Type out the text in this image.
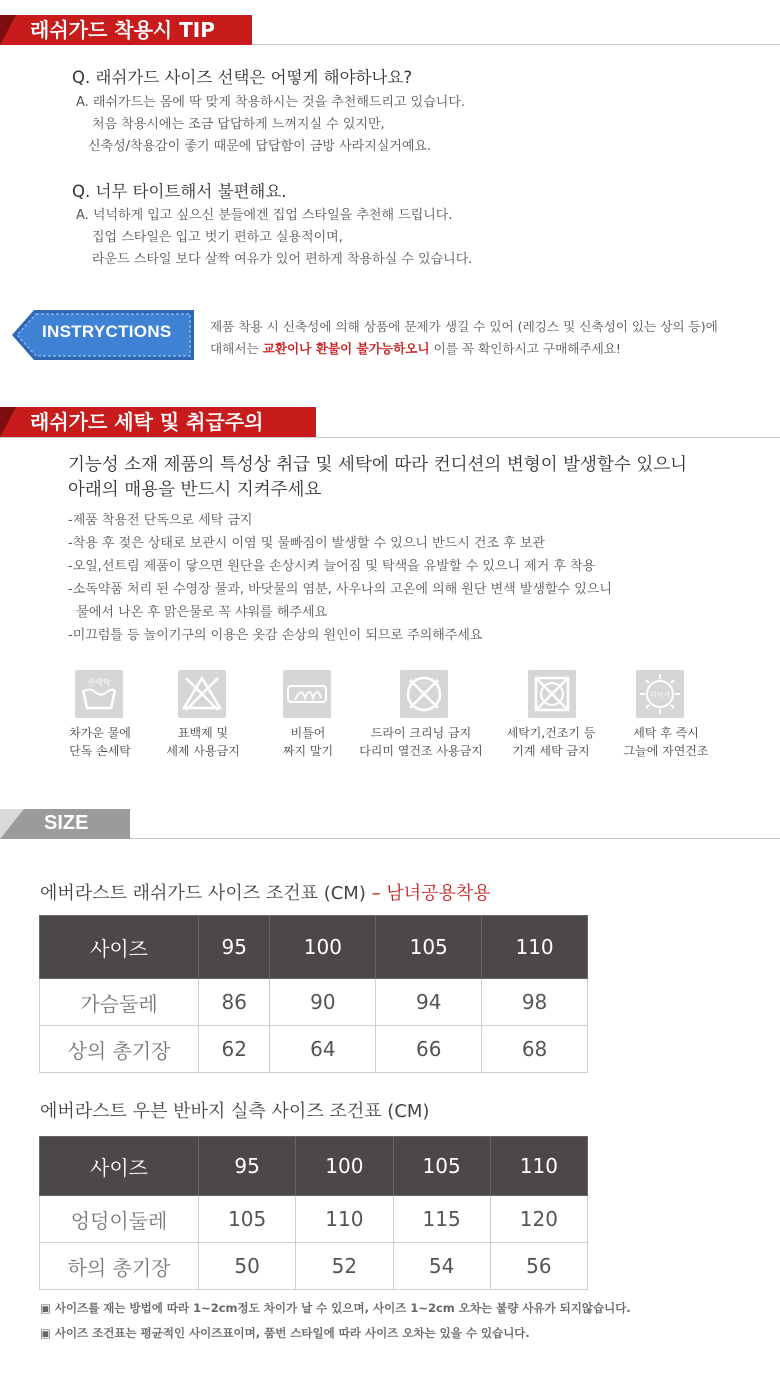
래쉬가드 착용시 TIP
Q. 래쉬가드 사이즈 선택은 어떻게 해야하나요?
A. 래쉬가드는 몸에 딱 맞게 착용하시는 것을 추천해드리고 있습니다.
처음 착용시에는 조금 답답하게 느껴지실 수 있지만,
신축성/착용감이 좋기 때문에 답답함이 금방 사라지실거예요.
Q. 너무 타이트해서 불편해요.
A. 넉넉하게 입고 싶으신 분들에겐 집업 스타일을 추천해 드립니다.
집업 스타일은 입고 벗기 편하고 실용적이며,
라운드 스타일 보다 살짝 여유가 있어 편하게 착용하실 수 있습니다.
INSTRYCTIONS	제품 착용 시 신축성에 의해 상품에 문제가 생길 수 있어 (레깅스 및 신축성이 있는 상의 등)에
대해서는 교환이나 환불이 불가능하오니 이를 꼭 확인하시고 구매해주세요!
래쉬가드 세탁 및 취급주의
기능성 소재 제품의 특성상 취급 및 세탁에 따라 컨디션의 변형이 발생할수 있으니
아래의 매용을 반드시 지켜주세요
-제품 착용전 단독으로 세탁 금지
-착용 후 젖은 상태로 보관시 이염 및 물빠짐이 발생할 수 있으니 반드시 건조 후 보관
-오일,선트림 제품이 닿으면 원단을 손상시켜 늘어짐 및 탁색을 유발할 수 있으니 제거 후 착용
-소독약품 처리 된 수영장 물과, 바닷물의 염분, 사우나의 고온에 의해 원단 변색 발생할수 있으니
물에서 나온 후 맑은물로 꼭 샤워를 해주세요
-미끄럼틀 등 놀이기구의 이용은 옷감 손상의 원인이 되므로 주의해주세요
손세탁
뒤어서
차가운 물에
단독 손세탁
표백제 및
세제 사용금지
비틀어
짜지 말기
드라이 크리닝 금지
다리미 열건조 사용금지
세탁기,건조기 등
기계 세탁 금지
세탁 후 즉시
그늘에 자연건조
SIZE
에버라스트 래쉬가드 사이즈 조건표 (CM) – 남녀공용착용
사이즈	95	100	105	110
가슴둘레	86	90	94	98
상의 총기장	62	64	66	68
에버라스트 우븐 반바지 실측 사이즈 조건표 (CM)
사이즈	95	100	105	110
엉덩이둘레	105	110	115	120
하의 총기장	50	52	54	56
▣ 사이즈를 재는 방법에 따라 1~2cm정도 차이가 날 수 있으며, 사이즈 1~2cm 오차는 불량 사유가 되지않습니다.
▣ 사이즈 조건표는 평균적인 사이즈표이며, 품번 스타일에 따라 사이즈 오차는 있을 수 있습니다.
